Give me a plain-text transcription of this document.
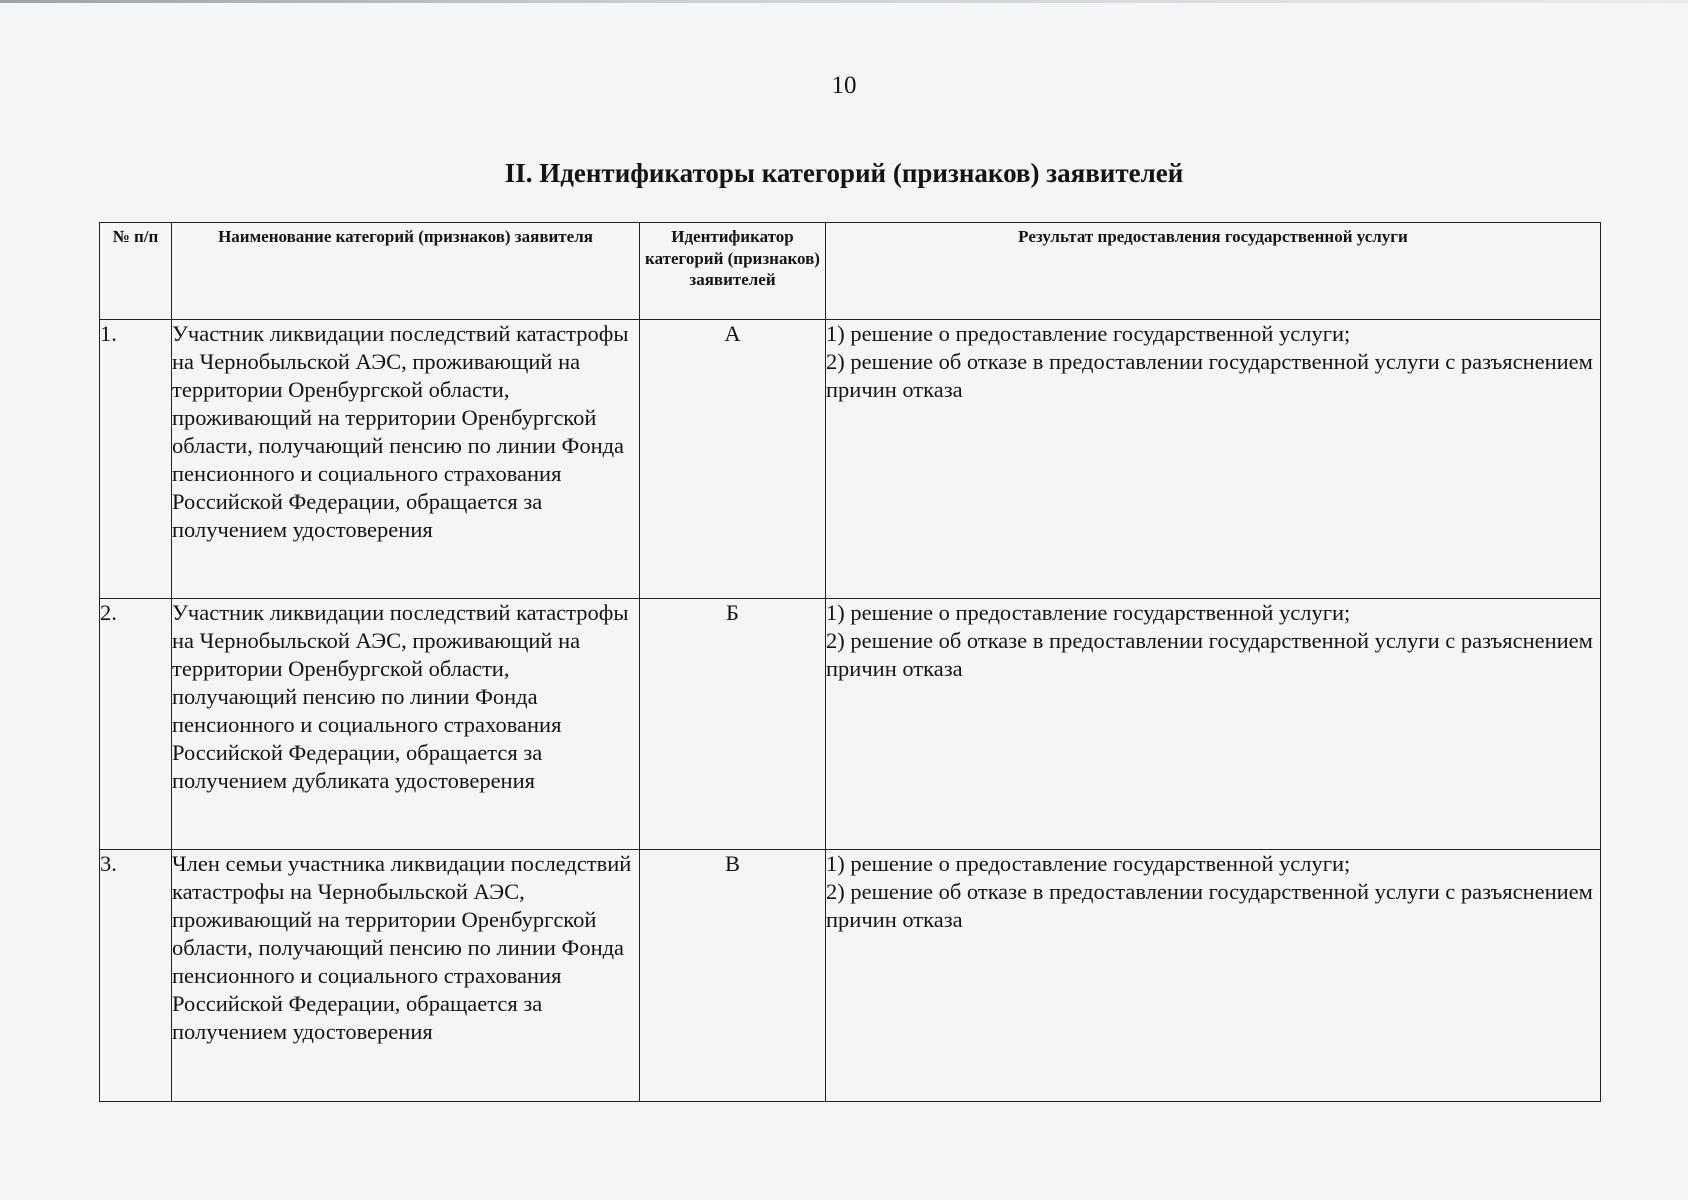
10
II. Идентификаторы категорий (признаков) заявителей
№ п/п	Наименование категорий (признаков) заявителя	Идентификатор категорий (признаков) заявителей	Результат предоставления государственной услуги
1.	Участник ликвидации последствий катастрофы на Чернобыльской АЭС, проживающий на территории Оренбургской области, проживающий на территории Оренбургской области, получающий пенсию по линии Фонда пенсионного и социального страхования Российской Федерации, обращается за получением удостоверения	А	1) решение о предоставление государственной услуги;
2) решение об отказе в предоставлении государственной услуги с разъяснением причин отказа

2.	Участник ликвидации последствий катастрофы на Чернобыльской АЭС, проживающий на территории Оренбургской области, получающий пенсию по линии Фонда пенсионного и социального страхования Российской Федерации, обращается за получением дубликата удостоверения	Б	1) решение о предоставление государственной услуги;
2) решение об отказе в предоставлении государственной услуги с разъяснением причин отказа

3.	Член семьи участника ликвидации последствий катастрофы на Чернобыльской АЭС, проживающий на территории Оренбургской области, получающий пенсию по линии Фонда пенсионного и социального страхования Российской Федерации, обращается за получением удостоверения	В	1) решение о предоставление государственной услуги;
2) решение об отказе в предоставлении государственной услуги с разъяснением причин отказа
